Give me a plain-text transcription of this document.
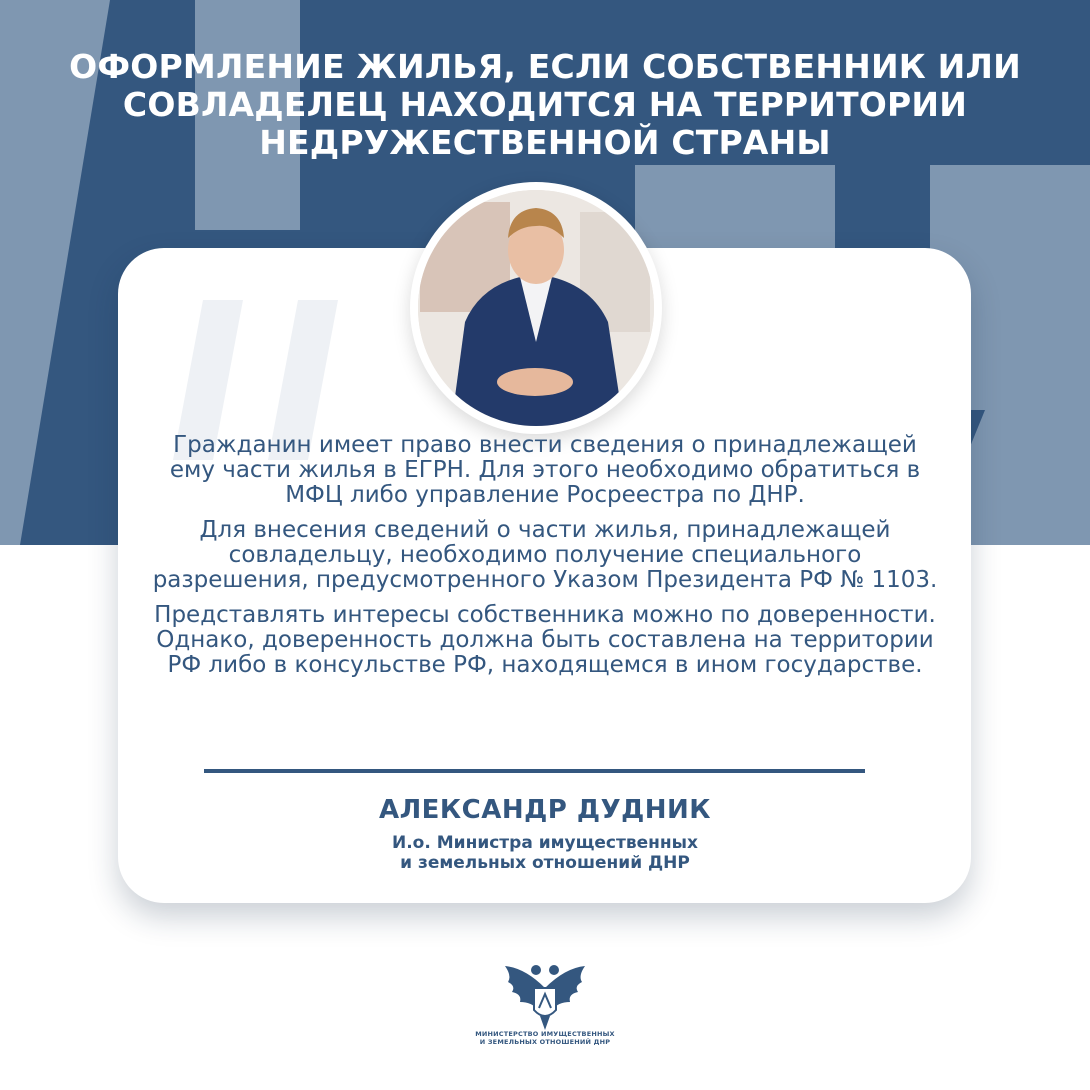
ОФОРМЛЕНИЕ ЖИЛЬЯ, ЕСЛИ СОБСТВЕННИК ИЛИ СОВЛАДЕЛЕЦ НАХОДИТСЯ НА ТЕРРИТОРИИ НЕДРУЖЕСТВЕННОЙ СТРАНЫ

Гражданин имеет право внести сведения о принадлежащей ему части жилья в ЕГРН. Для этого необходимо обратиться в МФЦ либо управление Росреестра по ДНР.

Для внесения сведений о части жилья, принадлежащей совладельцу, необходимо получение специального разрешения, предусмотренного Указом Президента РФ № 1103.

Представлять интересы собственника можно по доверенности. Однако, доверенность должна быть составлена на территории РФ либо в консульстве РФ, находящемся в ином государстве.

АЛЕКСАНДР ДУДНИК
И.о. Министра имущественных
и земельных отношений ДНР
МИНИСТЕРСТВО ИМУЩЕСТВЕННЫХ
И ЗЕМЕЛЬНЫХ ОТНОШЕНИЙ ДНР
